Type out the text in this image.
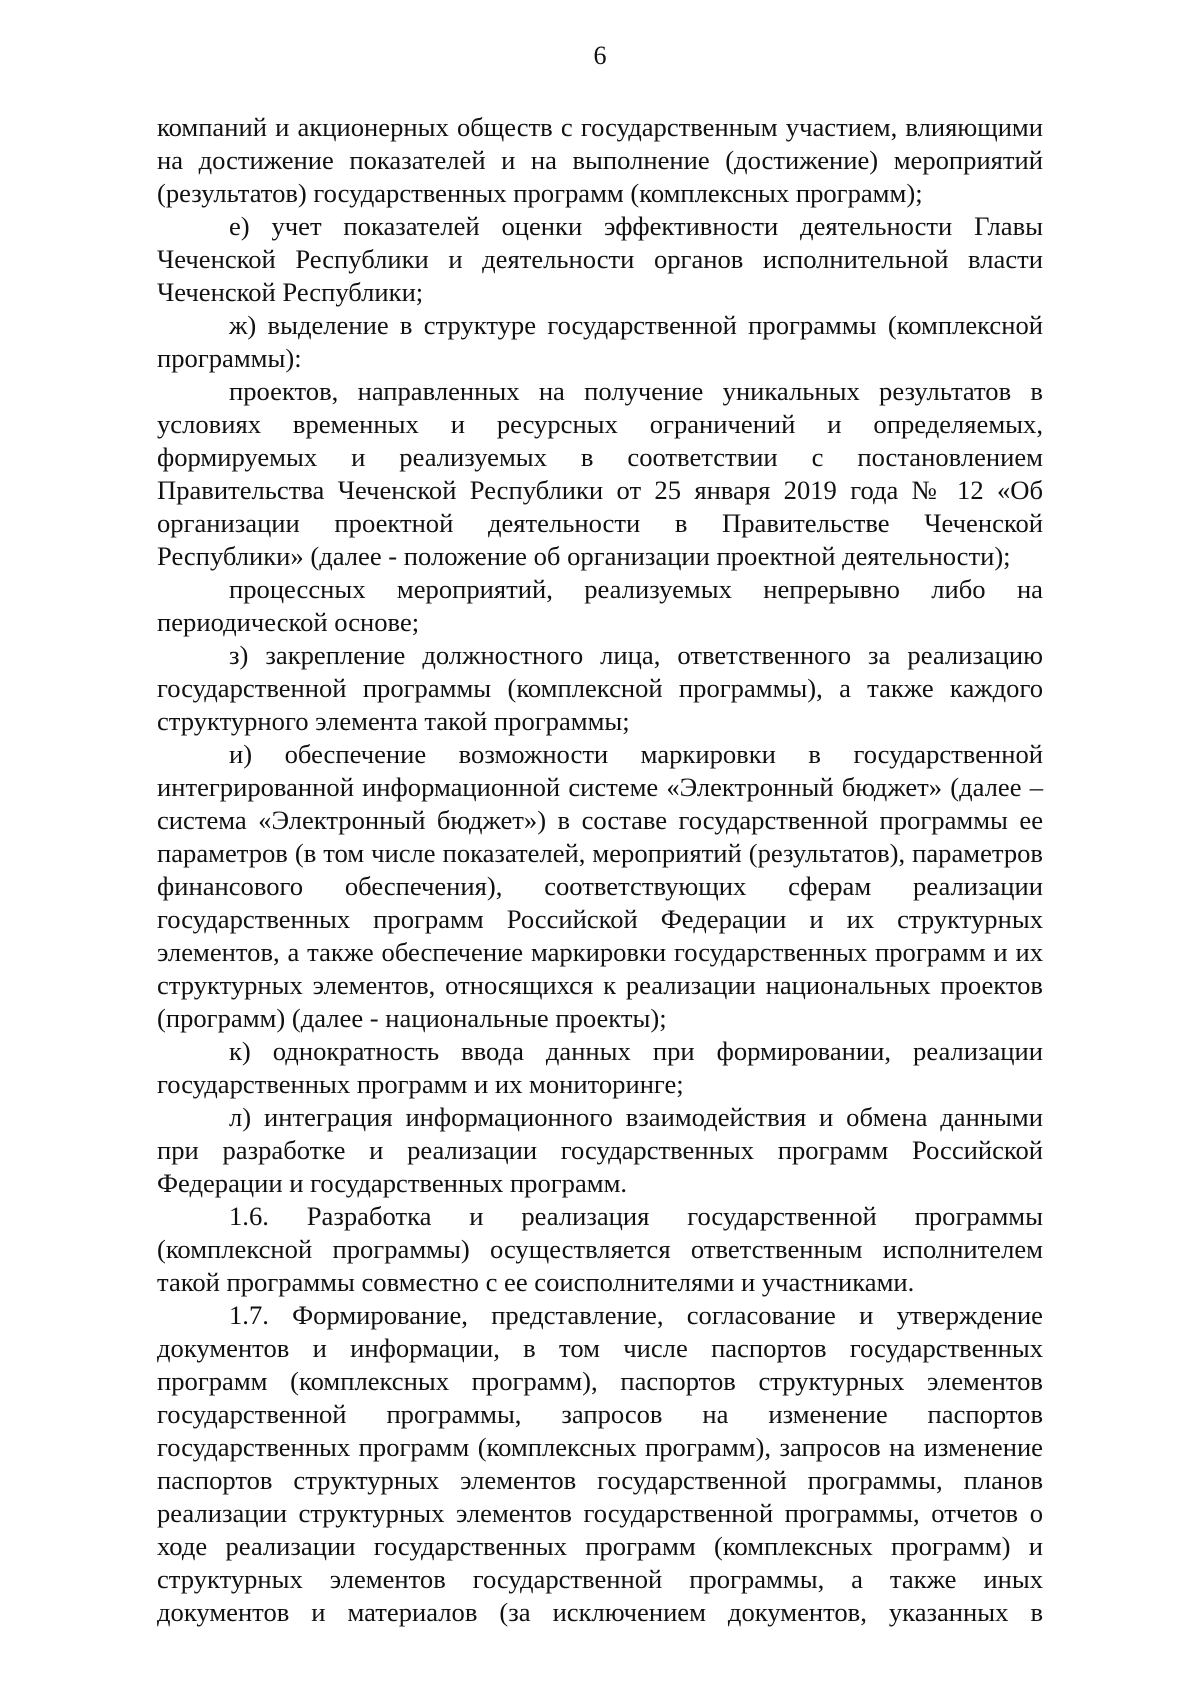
6

компаний и акционерных обществ с государственным участием, влияющими на достижение показателей и на выполнение (достижение) мероприятий (результатов) государственных программ (комплексных программ);

е) учет показателей оценки эффективности деятельности Главы Чеченской Республики и деятельности органов исполнительной власти Чеченской Республики;

ж) выделение в структуре государственной программы (комплексной программы):

проектов, направленных на получение уникальных результатов в условиях временных и ресурсных ограничений и определяемых, формируемых и реализуемых в соответствии с постановлением Правительства Чеченской Республики от 25 января 2019 года № 12 «Об организации проектной деятельности в Правительстве Чеченской Республики» (далее - положение об организации проектной деятельности);

процессных мероприятий, реализуемых непрерывно либо на периодической основе;

з) закрепление должностного лица, ответственного за реализацию государственной программы (комплексной программы), а также каждого структурного элемента такой программы;

и) обеспечение возможности маркировки в государственной интегрированной информационной системе «Электронный бюджет» (далее – система «Электронный бюджет») в составе государственной программы ее параметров (в том числе показателей, мероприятий (результатов), параметров финансового обеспечения), соответствующих сферам реализации государственных программ Российской Федерации и их структурных элементов, а также обеспечение маркировки государственных программ и их структурных элементов, относящихся к реализации национальных проектов (программ) (далее - национальные проекты);

к) однократность ввода данных при формировании, реализации государственных программ и их мониторинге;

л) интеграция информационного взаимодействия и обмена данными при разработке и реализации государственных программ Российской Федерации и государственных программ.

1.6. Разработка и реализация государственной программы (комплексной программы) осуществляется ответственным исполнителем такой программы совместно с ее соисполнителями и участниками.

1.7. Формирование, представление, согласование и утверждение документов и информации, в том числе паспортов государственных программ (комплексных программ), паспортов структурных элементов государственной программы, запросов на изменение паспортов государственных программ (комплексных программ), запросов на изменение паспортов структурных элементов государственной программы, планов реализации структурных элементов государственной программы, отчетов о ходе реализации государственных программ (комплексных программ) и структурных элементов государственной программы, а также иных документов и материалов (за исключением документов, указанных в
